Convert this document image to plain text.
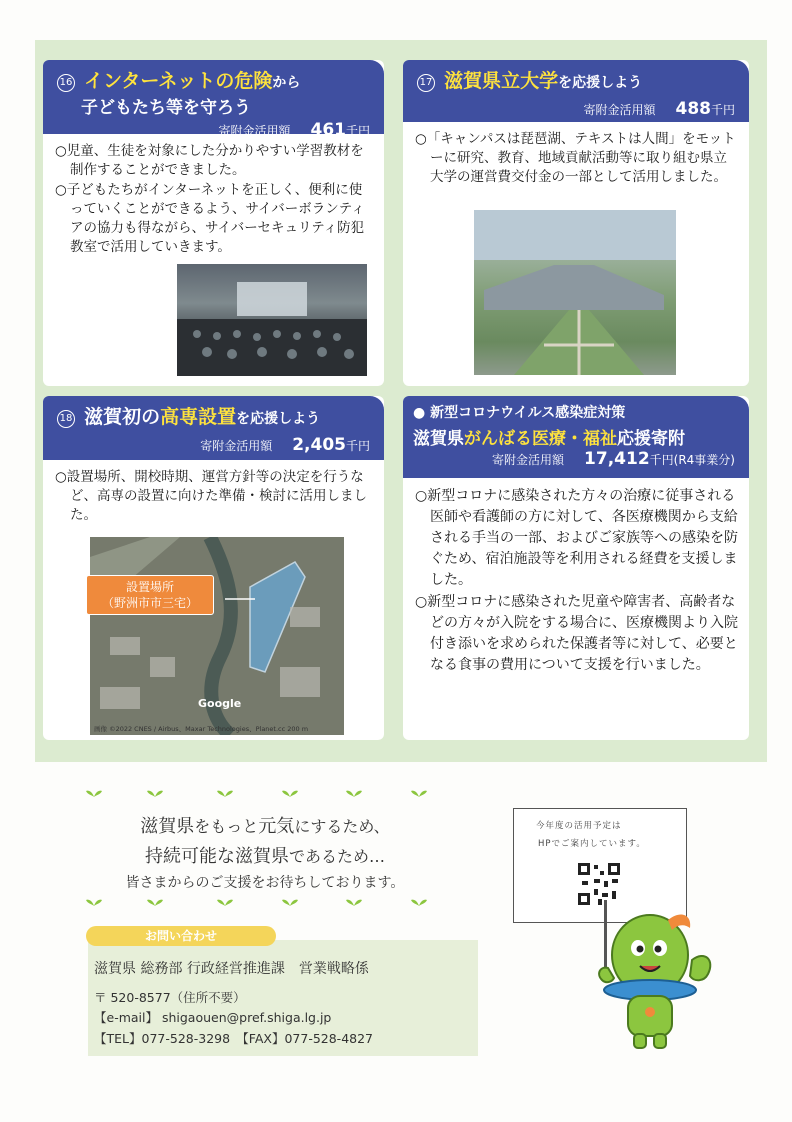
16 インターネットの危険から
子どもたち等を守ろう
寄附金活用額 461千円

○児童、生徒を対象にした分かりやすい学習教材を制作することができました。

○子どもたちがインターネットを正しく、便利に使っていくことができるよう、サイバーボランティアの協力も得ながら、サイバーセキュリティ防犯教室で活用していきます。

17 滋賀県立大学を応援しよう
寄附金活用額 488千円

○「キャンパスは琵琶湖、テキストは人間」をモットーに研究、教育、地域貢献活動等に取り組む県立大学の運営費交付金の一部として活用しました。

18 滋賀初の高専設置を応援しよう
寄附金活用額 2,405千円

○設置場所、開校時期、運営方針等の決定を行うなど、高専の設置に向けた準備・検討に活用しました。

設置場所
（野洲市市三宅）
Google
画像 ©2022 CNES / Airbus、Maxar Technologies、Planet.cc 200 m
● 新型コロナウイルス感染症対策
滋賀県がんばる医療・福祉応援寄附
寄附金活用額 17,412千円(R4事業分)

○新型コロナに感染された方々の治療に従事される医師や看護師の方に対して、各医療機関から支給される手当の一部、およびご家族等への感染を防ぐため、宿泊施設等を利用される経費を支援しました。

○新型コロナに感染された児童や障害者、高齢者などの方々が入院をする場合に、医療機関より入院付き添いを求められた保護者等に対して、必要となる食事の費用について支援を行いました。

滋賀県をもっと元気にするため、
持続可能な滋賀県であるため…
皆さまからのご支援をお待ちしております。
お問い合わせ
滋賀県 総務部 行政経営推進課　営業戦略係
〒 520-8577（住所不要）
【e-mail】 shigaouen@pref.shiga.lg.jp
【TEL】077-528-3298　【FAX】077-528-4827
今年度の活用予定は
HPでご案内しています。
